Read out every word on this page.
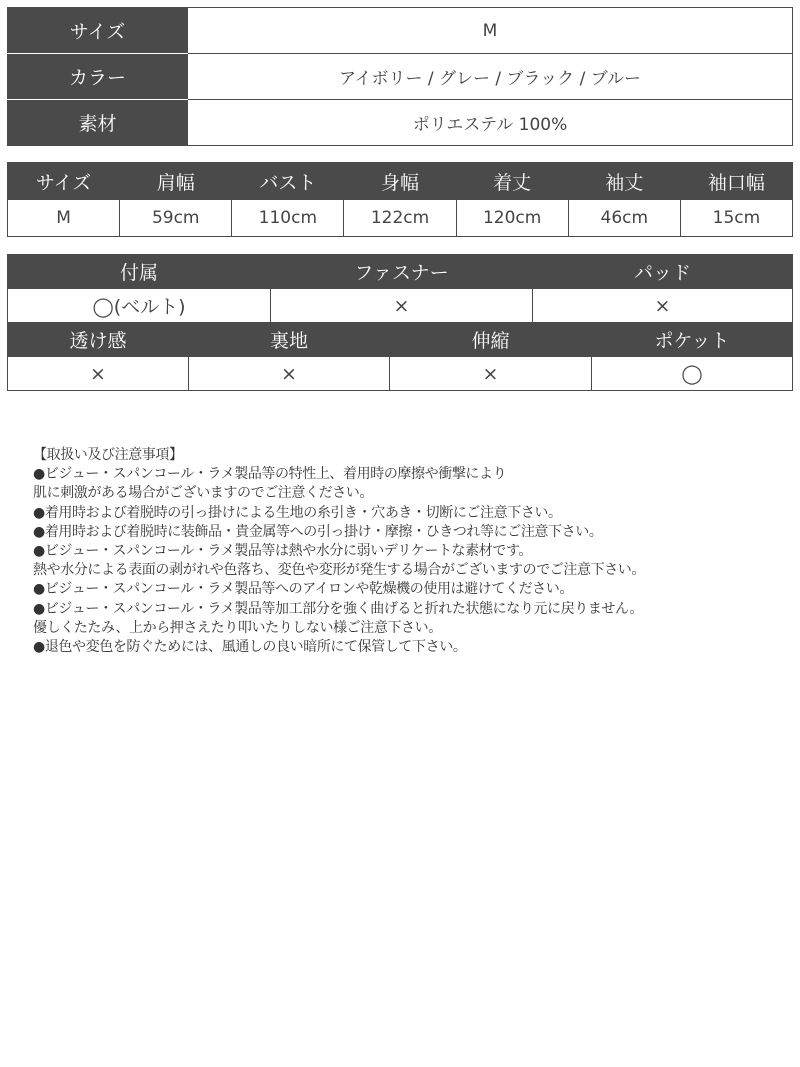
サイズ	M
カラー	アイボリー / グレー / ブラック / ブルー
素材	ポリエステル 100%
サイズ	肩幅	バスト	身幅	着丈	袖丈	袖口幅
M	59cm	110cm	122cm	120cm	46cm	15cm
付属	ファスナー	パッド
◯(ベルト)	×	×
透け感	裏地	伸縮	ポケット
×	×	×	◯
【取扱い及び注意事項】
●ビジュー・スパンコール・ラメ製品等の特性上、着用時の摩擦や衝撃により
肌に刺激がある場合がございますのでご注意ください。
●着用時および着脱時の引っ掛けによる生地の糸引き・穴あき・切断にご注意下さい。
●着用時および着脱時に装飾品・貴金属等への引っ掛け・摩擦・ひきつれ等にご注意下さい。
●ビジュー・スパンコール・ラメ製品等は熱や水分に弱いデリケートな素材です。
熱や水分による表面の剥がれや色落ち、変色や変形が発生する場合がございますのでご注意下さい。
●ビジュー・スパンコール・ラメ製品等へのアイロンや乾燥機の使用は避けてください。
●ビジュー・スパンコール・ラメ製品等加工部分を強く曲げると折れた状態になり元に戻りません。
優しくたたみ、上から押さえたり叩いたりしない様ご注意下さい。
●退色や変色を防ぐためには、風通しの良い暗所にて保管して下さい。
